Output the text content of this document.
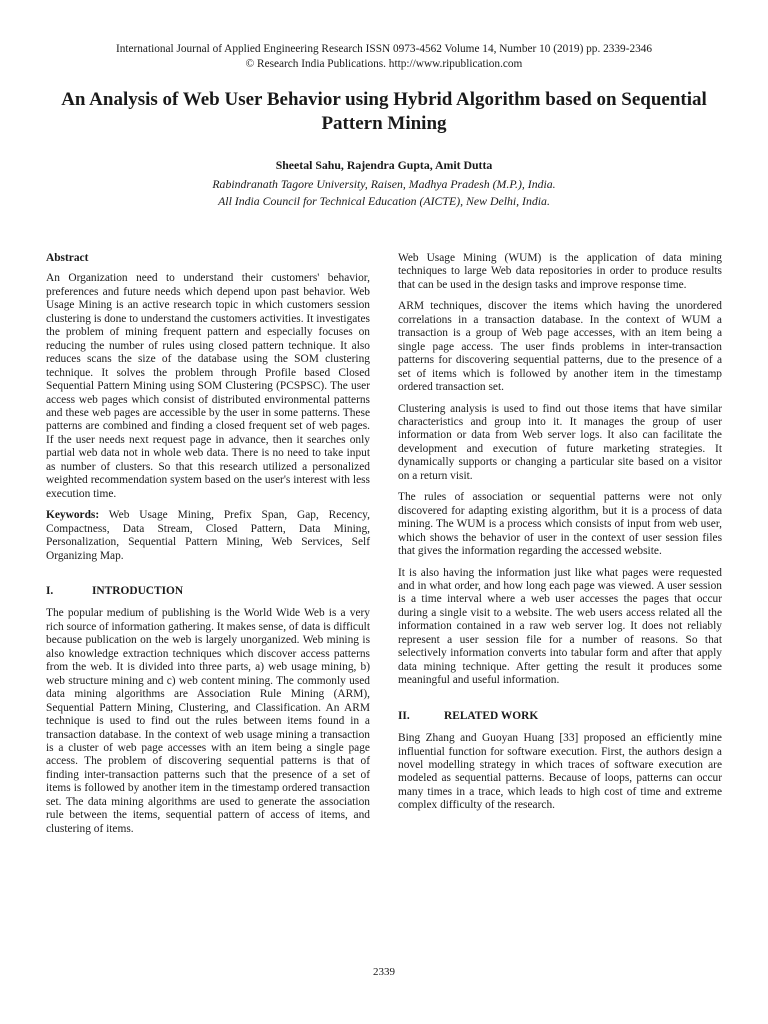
International Journal of Applied Engineering Research ISSN 0973-4562 Volume 14, Number 10 (2019) pp. 2339-2346
© Research India Publications. http://www.ripublication.com
An Analysis of Web User Behavior using Hybrid Algorithm based on Sequential Pattern Mining
Sheetal Sahu, Rajendra Gupta, Amit Dutta
Rabindranath Tagore University, Raisen, Madhya Pradesh (M.P.), India.
All India Council for Technical Education (AICTE), New Delhi, India.
Abstract

An Organization need to understand their customers' behavior, preferences and future needs which depend upon past behavior. Web Usage Mining is an active research topic in which customers session clustering is done to understand the customers activities. It investigates the problem of mining frequent pattern and especially focuses on reducing the number of rules using closed pattern technique. It also reduces scans the size of the database using the SOM clustering technique. It solves the problem through Profile based Closed Sequential Pattern Mining using SOM Clustering (PCSPSC). The user access web pages which consist of distributed environmental patterns and these web pages are accessible by the user in some patterns. These patterns are combined and finding a closed frequent set of web pages. If the user needs next request page in advance, then it searches only partial web data not in whole web data. There is no need to take input as number of clusters. So that this research utilized a personalized weighted recommendation system based on the user's interest with less execution time.

Keywords: Web Usage Mining, Prefix Span, Gap, Recency, Compactness, Data Stream, Closed Pattern, Data Mining, Personalization, Sequential Pattern Mining, Web Services, Self Organizing Map.

I.	INTRODUCTION

The popular medium of publishing is the World Wide Web is a very rich source of information gathering. It makes sense, of data is difficult because publication on the web is largely unorganized. Web mining is also knowledge extraction techniques which discover access patterns from the web. It is divided into three parts, a) web usage mining, b) web structure mining and c) web content mining. The commonly used data mining algorithms are Association Rule Mining (ARM), Sequential Pattern Mining, Clustering, and Classification. An ARM technique is used to find out the rules between items found in a transaction database. In the context of web usage mining a transaction is a cluster of web page accesses with an item being a single page access. The problem of discovering sequential patterns is that of finding inter-transaction patterns such that the presence of a set of items is followed by another item in the timestamp ordered transaction set. The data mining algorithms are used to generate the association rule between the items, sequential pattern of access of items, and clustering of items.

Web Usage Mining (WUM) is the application of data mining techniques to large Web data repositories in order to produce results that can be used in the design tasks and improve response time.

ARM techniques, discover the items which having the unordered correlations in a transaction database. In the context of WUM a transaction is a group of Web page accesses, with an item being a single page access. The user finds problems in inter-transaction patterns for discovering sequential patterns, due to the presence of a set of items which is followed by another item in the timestamp ordered transaction set.

Clustering analysis is used to find out those items that have similar characteristics and group into it. It manages the group of user information or data from Web server logs. It also can facilitate the development and execution of future marketing strategies. It dynamically supports or changing a particular site based on a visitor on a return visit.

The rules of association or sequential patterns were not only discovered for adapting existing algorithm, but it is a process of data mining. The WUM is a process which consists of input from web user, which shows the behavior of user in the context of user session files that gives the information regarding the accessed website.

It is also having the information just like what pages were requested and in what order, and how long each page was viewed. A user session is a time interval where a web user accesses the pages that occur during a single visit to a website. The web users access related all the information contained in a raw web server log. It does not reliably represent a user session file for a number of reasons. So that selectively information converts into tabular form and after that apply data mining technique. After getting the result it produces some meaningful and useful information.

II.	RELATED WORK

Bing Zhang and Guoyan Huang [33] proposed an efficiently mine influential function for software execution. First, the authors design a novel modelling strategy in which traces of software execution are modeled as sequential patterns. Because of loops, patterns can occur many times in a trace, which leads to high cost of time and extreme complex difficulty of the research.

2339
